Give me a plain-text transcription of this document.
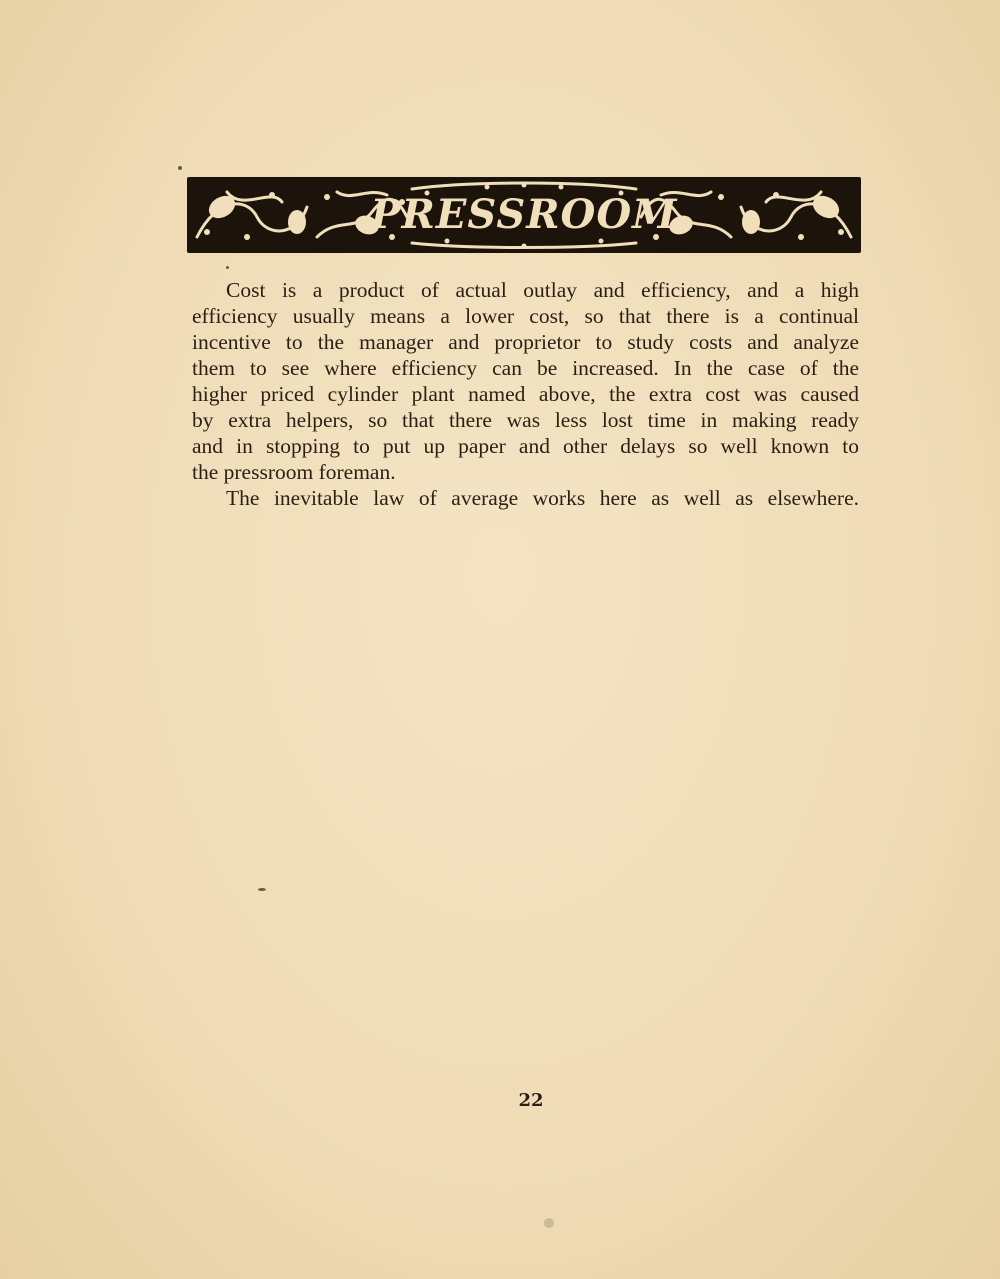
PRESSROOM
Cost is a product of actual outlay and efficiency, and a high
efficiency usually means a lower cost, so that there is a continual
incentive to the manager and proprietor to study costs and analyze
them to see where efficiency can be increased. In the case of the
higher priced cylinder plant named above, the extra cost was caused
by extra helpers, so that there was less lost time in making ready
and in stopping to put up paper and other delays so well known to
the pressroom foreman.
The inevitable law of average works here as well as elsewhere.
22
